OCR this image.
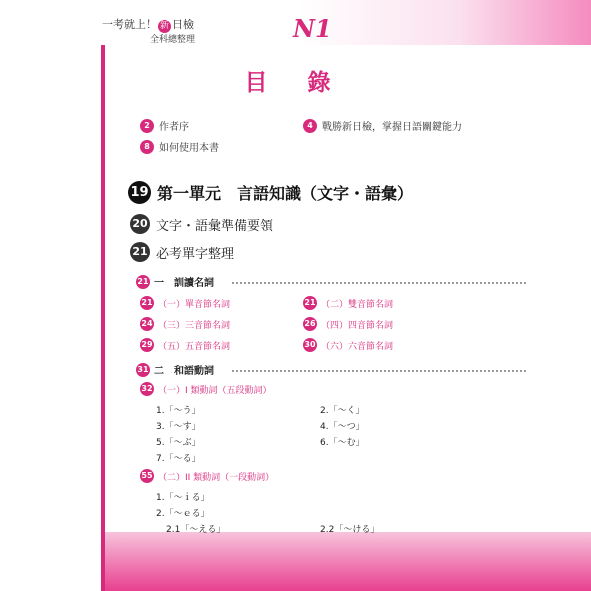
一考就上！ 新 日檢
全科總整理	N1
目 錄
2 作者序	4 戰勝新日檢，掌握日語關鍵能力
8 如何使用本書
19 第一單元　言語知識（文字・語彙）
20 文字・語彙準備要領
21 必考單字整理
21 一　訓讀名詞
21 （一）單音節名詞	21 （二）雙音節名詞
24 （三）三音節名詞	26 （四）四音節名詞
29 （五）五音節名詞	30 （六）六音節名詞
31 二　和語動詞
32 （一）I 類動詞（五段動詞）
1.「～う」	2.「～く」
3.「～す」	4.「～つ」
5.「～ぶ」	6.「～む」
7.「～る」
55 （二）II 類動詞（一段動詞）
1.「～ｉる」
2.「～ｅる」
2.1「～える」	2.2「～ける」
